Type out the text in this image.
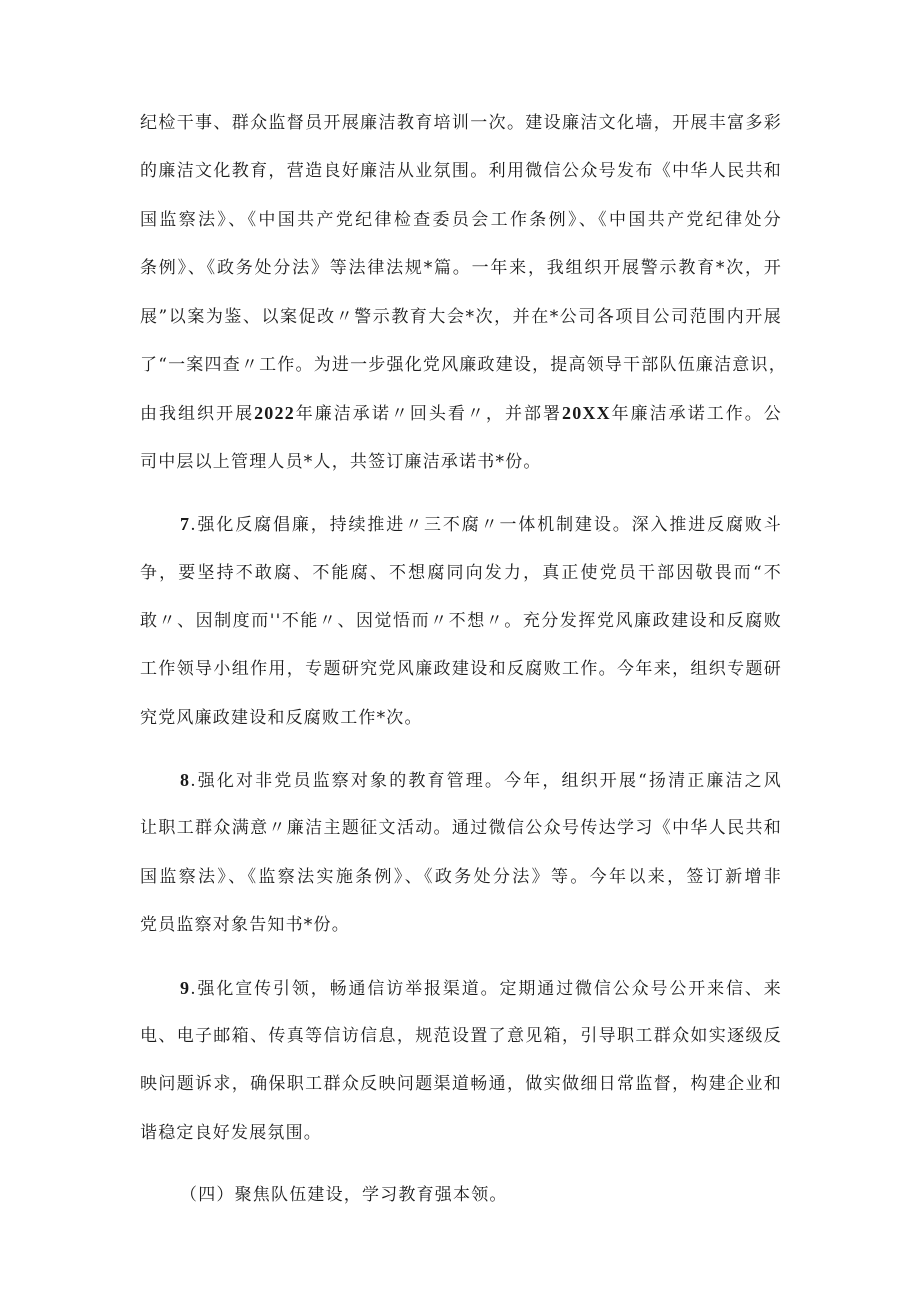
纪检干事、群众监督员开展廉洁教育培训一次。建设廉洁文化墙，开展丰富多彩
的廉洁文化教育，营造良好廉洁从业氛围。利用微信公众号发布《中华人民共和
国监察法》、《中国共产党纪律检查委员会工作条例》、《中国共产党纪律处分
条例》、《政务处分法》等法律法规*篇。一年来，我组织开展警示教育*次，开
展”以案为鉴、以案促改〃警示教育大会*次，并在*公司各项目公司范围内开展
了“一案四查〃工作。为进一步强化党风廉政建设，提高领导干部队伍廉洁意识，
由我组织开展2022年廉洁承诺〃回头看〃，并部署20XX年廉洁承诺工作。公
司中层以上管理人员*人，共签订廉洁承诺书*份。
7.强化反腐倡廉，持续推进〃三不腐〃一体机制建设。深入推进反腐败斗
争，要坚持不敢腐、不能腐、不想腐同向发力，真正使党员干部因敬畏而“不
敢〃、因制度而''不能〃、因觉悟而〃不想〃。充分发挥党风廉政建设和反腐败
工作领导小组作用，专题研究党风廉政建设和反腐败工作。今年来，组织专题研
究党风廉政建设和反腐败工作*次。
8.强化对非党员监察对象的教育管理。今年，组织开展“扬清正廉洁之风
让职工群众满意〃廉洁主题征文活动。通过微信公众号传达学习《中华人民共和
国监察法》、《监察法实施条例》、《政务处分法》等。今年以来，签订新增非
党员监察对象告知书*份。
9.强化宣传引领，畅通信访举报渠道。定期通过微信公众号公开来信、来
电、电子邮箱、传真等信访信息，规范设置了意见箱，引导职工群众如实逐级反
映问题诉求，确保职工群众反映问题渠道畅通，做实做细日常监督，构建企业和
谐稳定良好发展氛围。
（四）聚焦队伍建设，学习教育强本领。
